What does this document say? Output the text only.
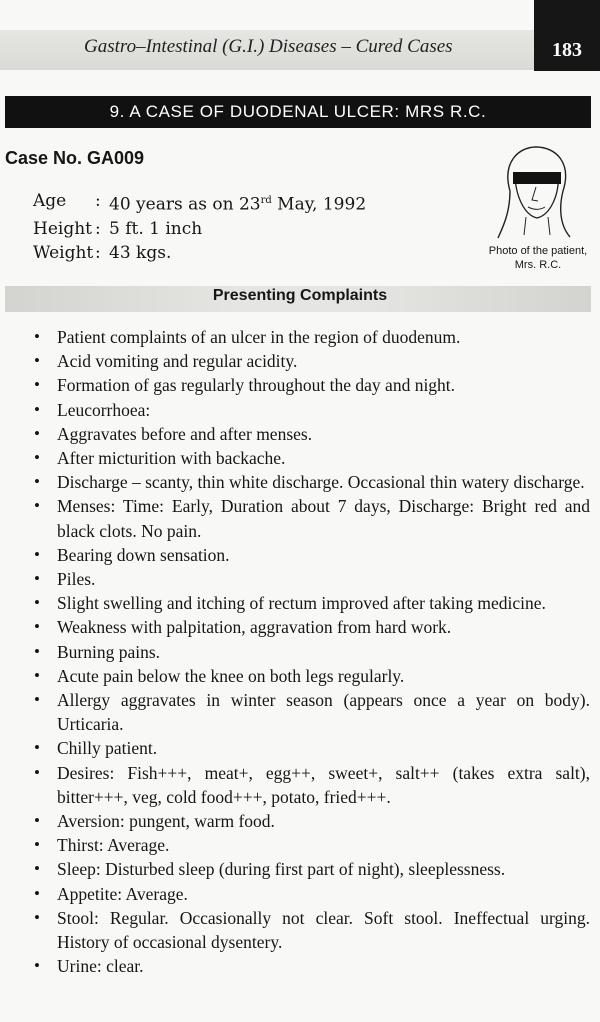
Gastro–Intestinal (G.I.) Diseases – Cured Cases	183
9. A CASE OF DUODENAL ULCER: MRS R.C.
Case No. GA009
Age	: 40 years as on 23rd May, 1992
Height : 5 ft. 1 inch
Weight : 43 kgs.	Photo of the patient,
Mrs. R.C.
Presenting Complaints
• Patient complaints of an ulcer in the region of duodenum.
• Acid vomiting and regular acidity.
• Formation of gas regularly throughout the day and night.
• Leucorrhoea:
• Aggravates before and after menses.
• After micturition with backache.
• Discharge – scanty, thin white discharge. Occasional thin watery discharge.
• Menses: Time: Early, Duration about 7 days, Discharge: Bright red and black clots. No pain.
• Bearing down sensation.
• Piles.
• Slight swelling and itching of rectum improved after taking medicine.
• Weakness with palpitation, aggravation from hard work.
• Burning pains.
• Acute pain below the knee on both legs regularly.
• Allergy aggravates in winter season (appears once a year on body). Urticaria.
• Chilly patient.
• Desires: Fish+++, meat+, egg++, sweet+, salt++ (takes extra salt), bitter+++, veg, cold food+++, potato, fried+++.
• Aversion: pungent, warm food.
• Thirst: Average.
• Sleep: Disturbed sleep (during first part of night), sleeplessness.
• Appetite: Average.
• Stool: Regular. Occasionally not clear. Soft stool. Ineffectual urging. History of occasional dysentery.
• Urine: clear.
